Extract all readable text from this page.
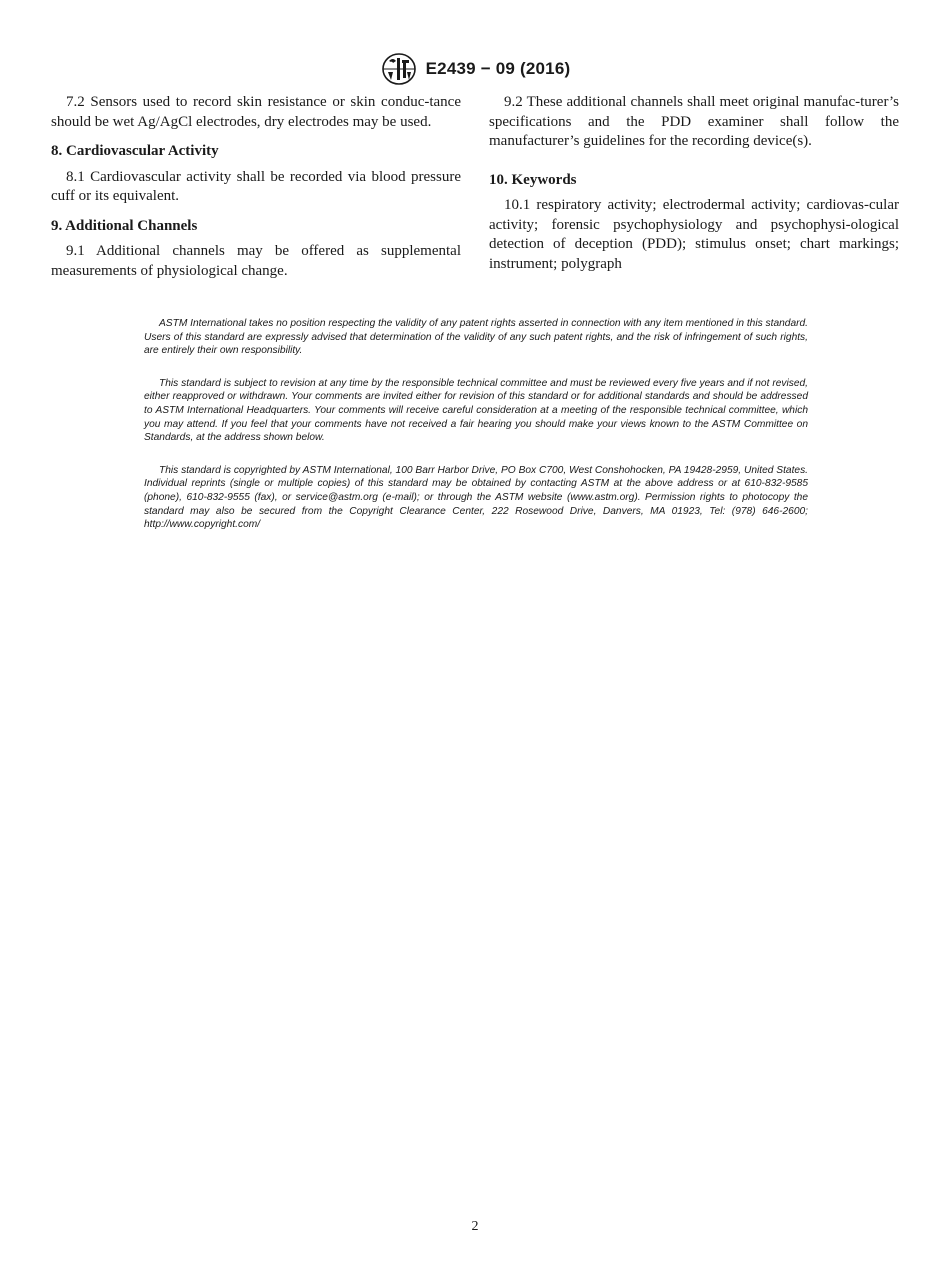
E2439 − 09 (2016)

7.2 Sensors used to record skin resistance or skin conduc-tance should be wet Ag/AgCl electrodes, dry electrodes may be used.

8. Cardiovascular Activity

8.1 Cardiovascular activity shall be recorded via blood pressure cuff or its equivalent.

9. Additional Channels

9.1 Additional channels may be offered as supplemental measurements of physiological change.

9.2 These additional channels shall meet original manufac-turer’s specifications and the PDD examiner shall follow the manufacturer’s guidelines for the recording device(s).

10. Keywords

10.1 respiratory activity; electrodermal activity; cardiovas-cular activity; forensic psychophysiology and psychophysi-ological detection of deception (PDD); stimulus onset; chart markings; instrument; polygraph

ASTM International takes no position respecting the validity of any patent rights asserted in connection with any item mentioned in this standard. Users of this standard are expressly advised that determination of the validity of any such patent rights, and the risk of infringement of such rights, are entirely their own responsibility.

This standard is subject to revision at any time by the responsible technical committee and must be reviewed every five years and if not revised, either reapproved or withdrawn. Your comments are invited either for revision of this standard or for additional standards and should be addressed to ASTM International Headquarters. Your comments will receive careful consideration at a meeting of the responsible technical committee, which you may attend. If you feel that your comments have not received a fair hearing you should make your views known to the ASTM Committee on Standards, at the address shown below.

This standard is copyrighted by ASTM International, 100 Barr Harbor Drive, PO Box C700, West Conshohocken, PA 19428-2959, United States. Individual reprints (single or multiple copies) of this standard may be obtained by contacting ASTM at the above address or at 610-832-9585 (phone), 610-832-9555 (fax), or service@astm.org (e-mail); or through the ASTM website (www.astm.org). Permission rights to photocopy the standard may also be secured from the Copyright Clearance Center, 222 Rosewood Drive, Danvers, MA 01923, Tel: (978) 646-2600; http://www.copyright.com/

2
